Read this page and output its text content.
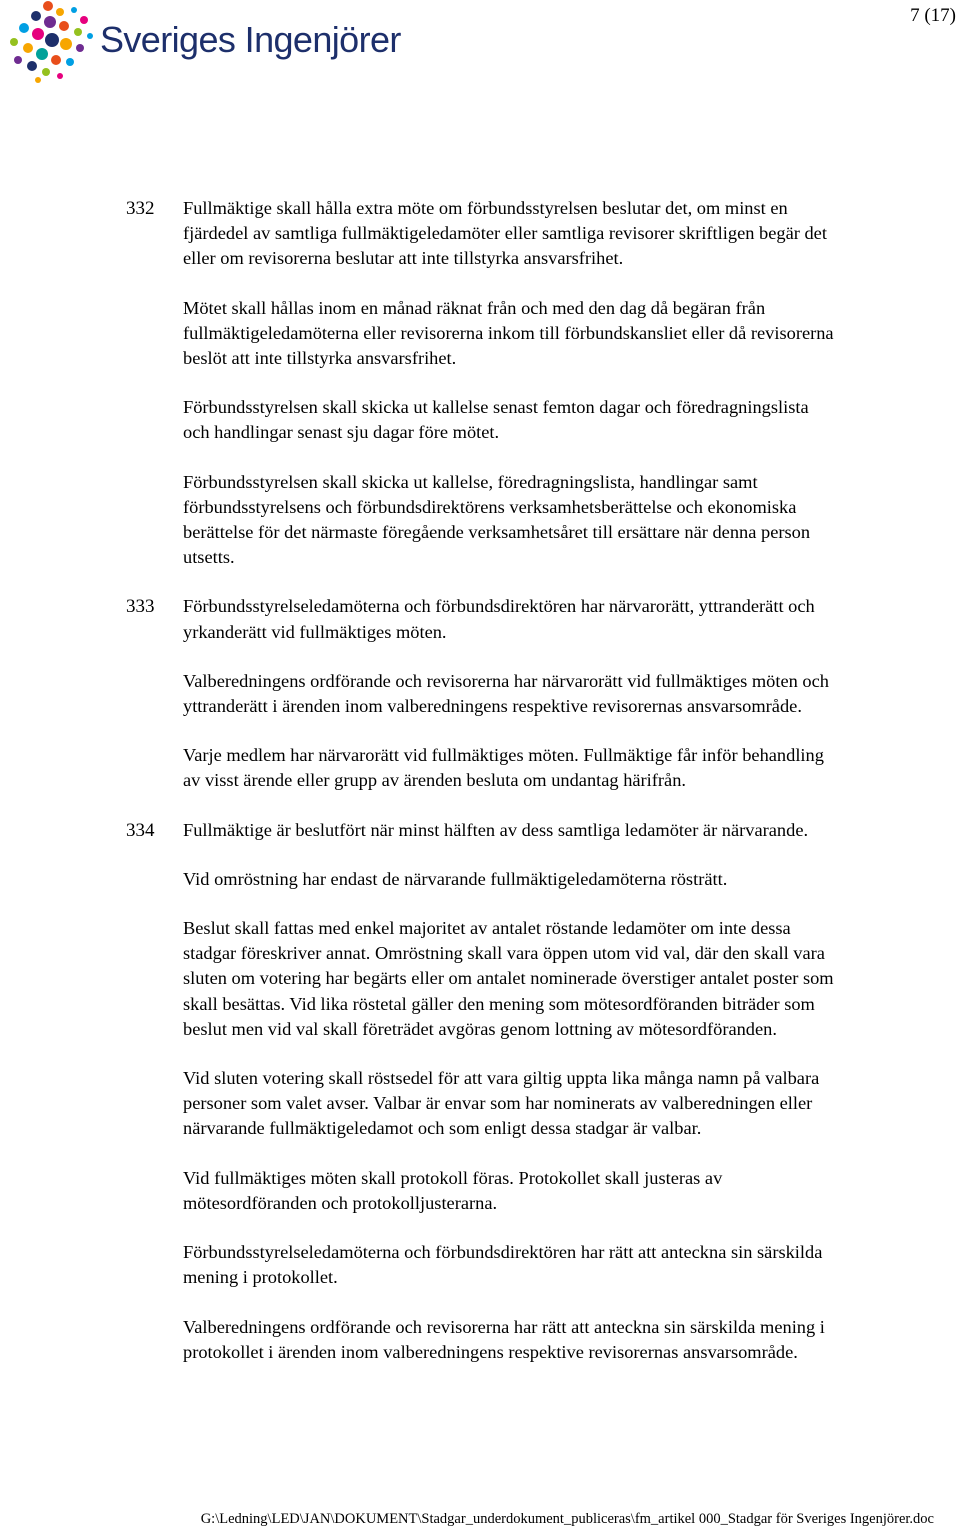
Sveriges Ingenjörer
7 (17)
332 Fullmäktige skall hålla extra möte om förbundsstyrelsen beslutar det, om minst en
fjärdedel av samtliga fullmäktigeledamöter eller samtliga revisorer skriftligen begär det
eller om revisorerna beslutar att inte tillstyrka ansvarsfrihet.

Mötet skall hållas inom en månad räknat från och med den dag då begäran från
fullmäktigeledamöterna eller revisorerna inkom till förbundskansliet eller då revisorerna
beslöt att inte tillstyrka ansvarsfrihet.

Förbundsstyrelsen skall skicka ut kallelse senast femton dagar och föredragningslista
och handlingar senast sju dagar före mötet.

Förbundsstyrelsen skall skicka ut kallelse, föredragningslista, handlingar samt
förbundsstyrelsens och förbundsdirektörens verksamhetsberättelse och ekonomiska
berättelse för det närmaste föregående verksamhetsåret till ersättare när denna person
utsetts.

333 Förbundsstyrelseledamöterna och förbundsdirektören har närvarorätt, yttranderätt och
yrkanderätt vid fullmäktiges möten.

Valberedningens ordförande och revisorerna har närvarorätt vid fullmäktiges möten och
yttranderätt i ärenden inom valberedningens respektive revisorernas ansvarsområde.

Varje medlem har närvarorätt vid fullmäktiges möten. Fullmäktige får inför behandling
av visst ärende eller grupp av ärenden besluta om undantag härifrån.

334 Fullmäktige är beslutfört när minst hälften av dess samtliga ledamöter är närvarande.

Vid omröstning har endast de närvarande fullmäktigeledamöterna rösträtt.

Beslut skall fattas med enkel majoritet av antalet röstande ledamöter om inte dessa
stadgar föreskriver annat. Omröstning skall vara öppen utom vid val, där den skall vara
sluten om votering har begärts eller om antalet nominerade överstiger antalet poster som
skall besättas. Vid lika röstetal gäller den mening som mötesordföranden biträder som
beslut men vid val skall företrädet avgöras genom lottning av mötesordföranden.

Vid sluten votering skall röstsedel för att vara giltig uppta lika många namn på valbara
personer som valet avser. Valbar är envar som har nominerats av valberedningen eller
närvarande fullmäktigeledamot och som enligt dessa stadgar är valbar.

Vid fullmäktiges möten skall protokoll föras. Protokollet skall justeras av
mötesordföranden och protokolljusterarna.

Förbundsstyrelseledamöterna och förbundsdirektören har rätt att anteckna sin särskilda
mening i protokollet.

Valberedningens ordförande och revisorerna har rätt att anteckna sin särskilda mening i
protokollet i ärenden inom valberedningens respektive revisorernas ansvarsområde.

G:\Ledning\LED\JAN\DOKUMENT\Stadgar_underdokument_publiceras\fm_artikel 000_Stadgar för Sveriges Ingenjörer.doc
